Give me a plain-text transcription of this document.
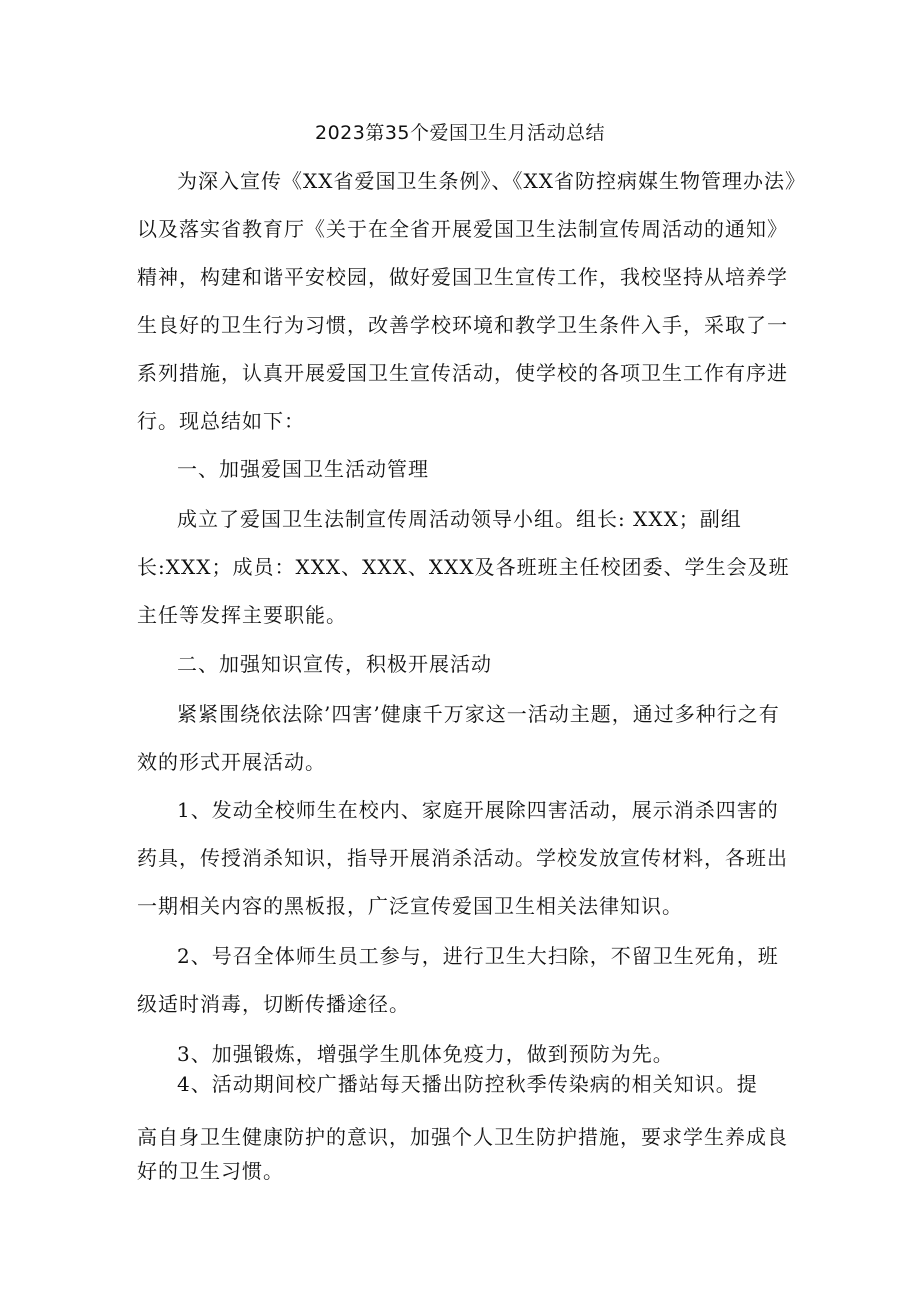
2023第35个爱国卫生月活动总结

为深入宣传《XX省爱国卫生条例》、《XX省防控病媒生物管理办法》以及落实省教育厅《关于在全省开展爱国卫生法制宣传周活动的通知》精神，构建和谐平安校园，做好爱国卫生宣传工作，我校坚持从培养学生良好的卫生行为习惯，改善学校环境和教学卫生条件入手，采取了一系列措施，认真开展爱国卫生宣传活动，使学校的各项卫生工作有序进行。现总结如下：

一、加强爱国卫生活动管理

成立了爱国卫生法制宣传周活动领导小组。组长: XXX；副组长:XXX；成员：XXX、XXX、XXX及各班班主任校团委、学生会及班主任等发挥主要职能。

二、加强知识宣传，积极开展活动

紧紧围绕依法除’四害’健康千万家这一活动主题，通过多种行之有效的形式开展活动。

1、发动全校师生在校内、家庭开展除四害活动，展示消杀四害的药具，传授消杀知识，指导开展消杀活动。学校发放宣传材料，各班出一期相关内容的黑板报，广泛宣传爱国卫生相关法律知识。

2、号召全体师生员工参与，进行卫生大扫除，不留卫生死角，班级适时消毒，切断传播途径。

3、加强锻炼，增强学生肌体免疫力，做到预防为先。

4、活动期间校广播站每天播出防控秋季传染病的相关知识。提

高自身卫生健康防护的意识，加强个人卫生防护措施，要求学生养成良好的卫生习惯。
